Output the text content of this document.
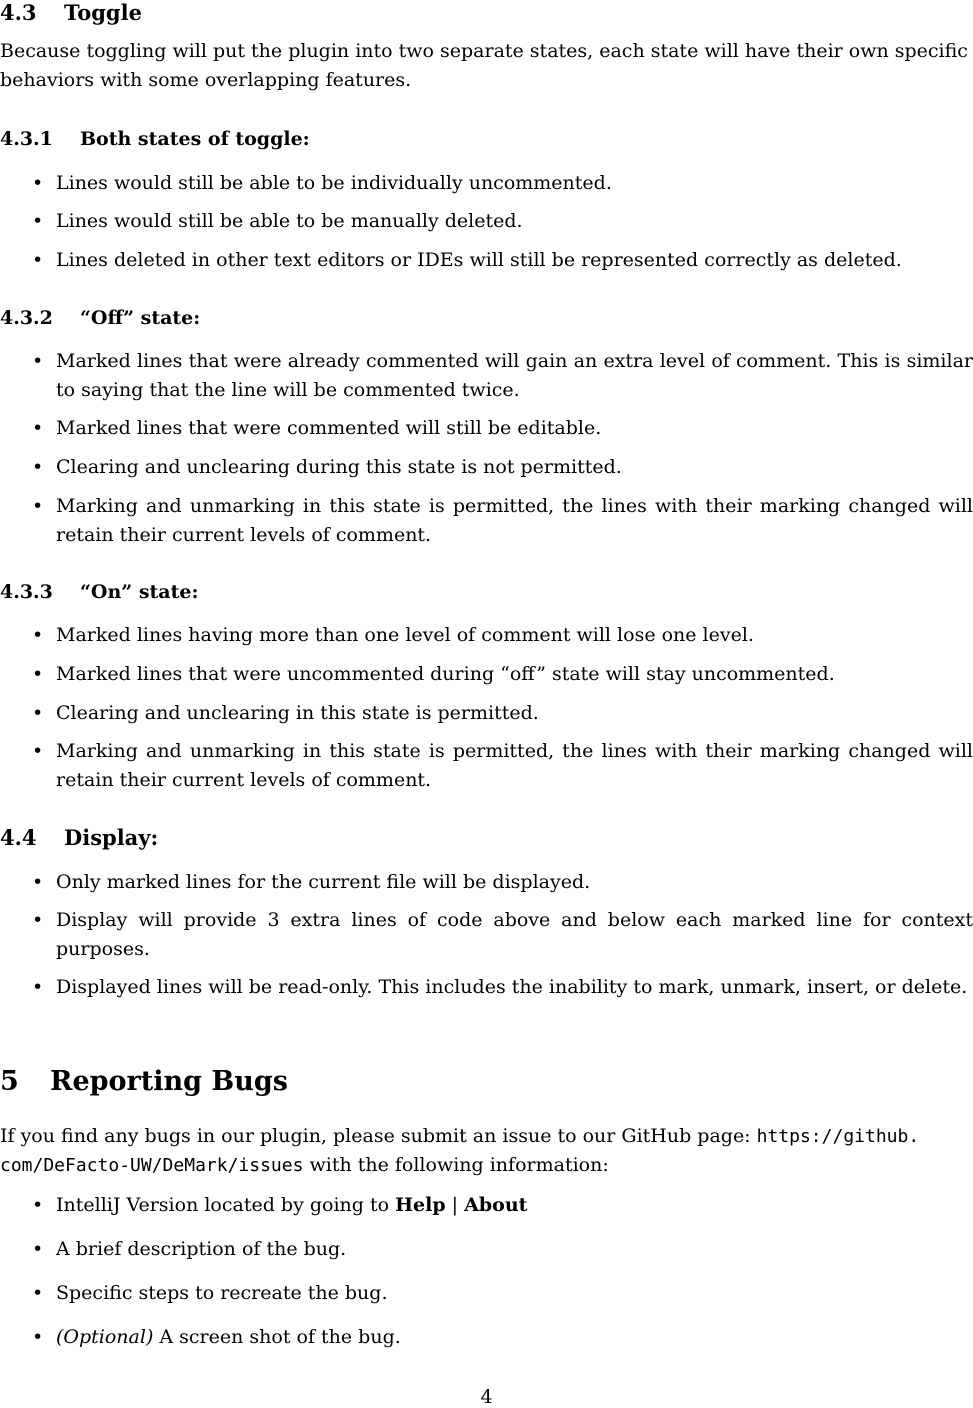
4.3 Toggle

Because toggling will put the plugin into two separate states, each state will have their own specific behaviors with some overlapping features.

4.3.1 Both states of toggle:
• Lines would still be able to be individually uncommented.
• Lines would still be able to be manually deleted.
• Lines deleted in other text editors or IDEs will still be represented correctly as deleted.
4.3.2 “Off” state:
• Marked lines that were already commented will gain an extra level of comment. This is similar to saying that the line will be commented twice.
• Marked lines that were commented will still be editable.
• Clearing and unclearing during this state is not permitted.
• Marking and unmarking in this state is permitted, the lines with their marking changed will retain their current levels of comment.
4.3.3 “On” state:
• Marked lines having more than one level of comment will lose one level.
• Marked lines that were uncommented during “off” state will stay uncommented.
• Clearing and unclearing in this state is permitted.
• Marking and unmarking in this state is permitted, the lines with their marking changed will retain their current levels of comment.
4.4 Display:
• Only marked lines for the current file will be displayed.
• Display will provide 3 extra lines of code above and below each marked line for context purposes.
• Displayed lines will be read-only. This includes the inability to mark, unmark, insert, or delete.
5 Reporting Bugs

If you find any bugs in our plugin, please submit an issue to our GitHub page: https://github.
com/DeFacto-UW/DeMark/issues with the following information:

• IntelliJ Version located by going to Help | About
• A brief description of the bug.
• Specific steps to recreate the bug.
• (Optional) A screen shot of the bug.

4
